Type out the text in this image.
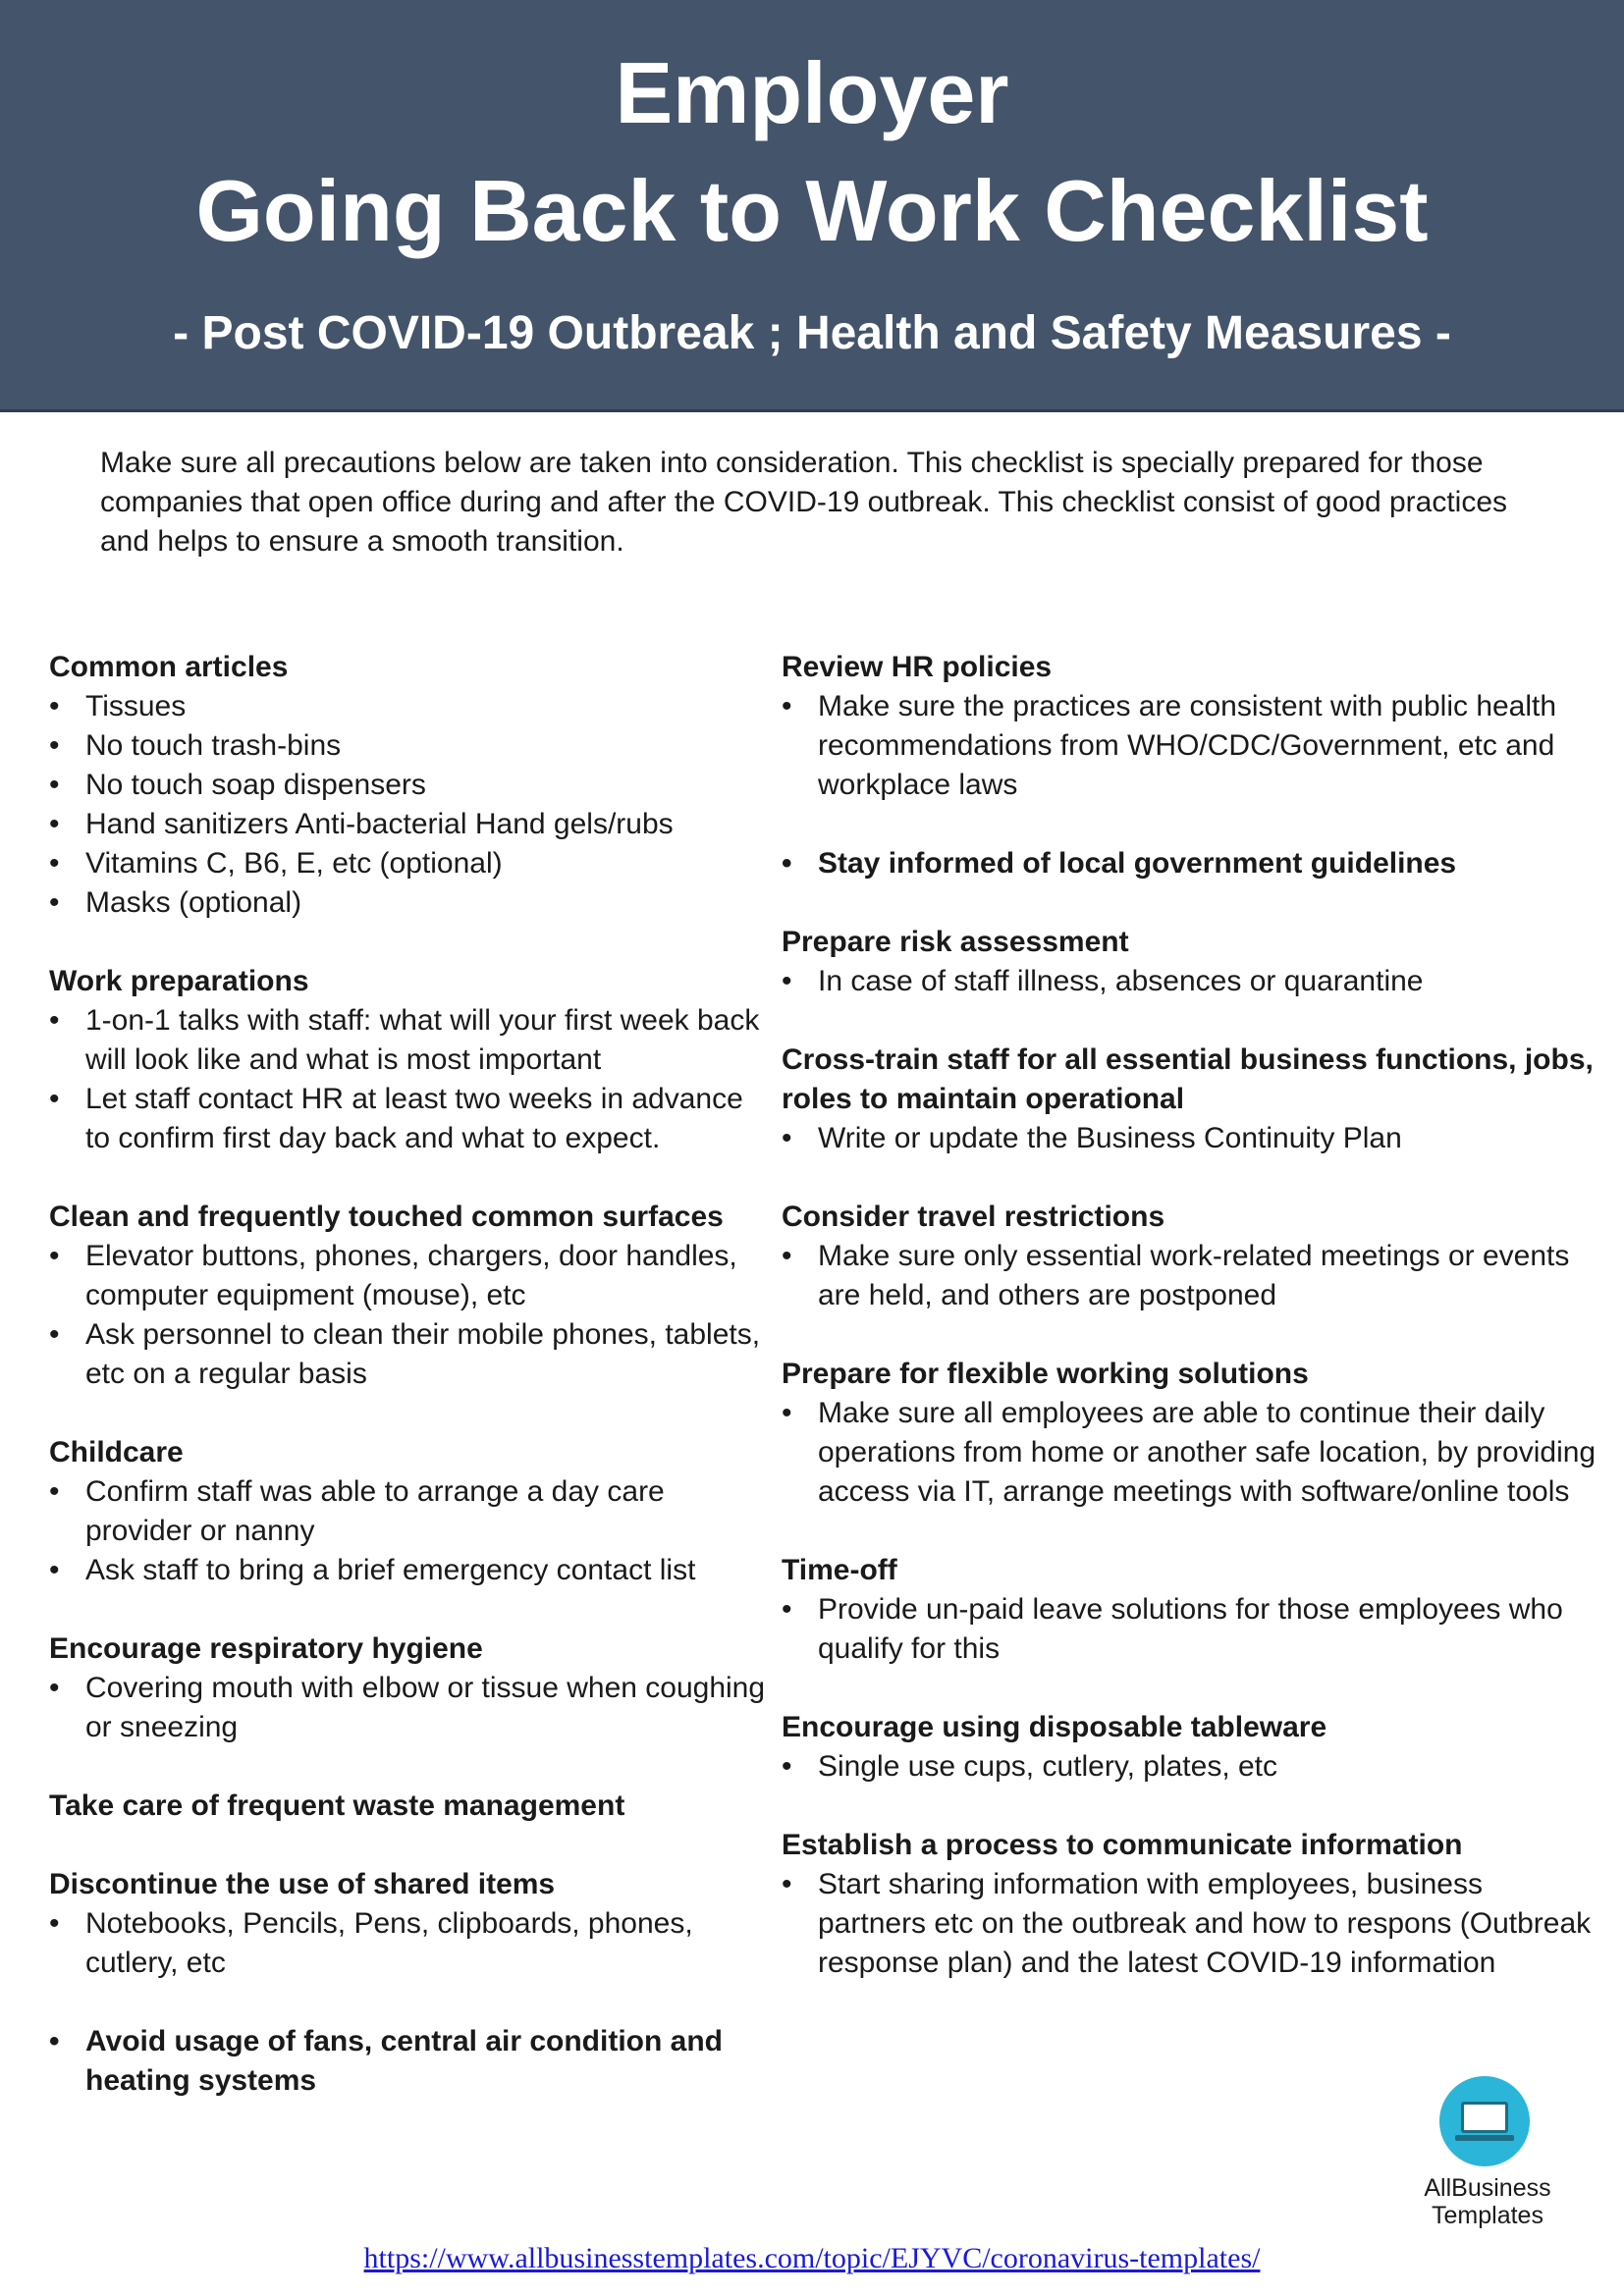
Employer
Going Back to Work Checklist
- Post COVID-19 Outbreak ; Health and Safety Measures -
Make sure all precautions below are taken into consideration. This checklist is specially prepared for those
companies that open office during and after the COVID-19 outbreak. This checklist consist of good practices
and helps to ensure a smooth transition.
Common articles
• Tissues
• No touch trash-bins
• No touch soap dispensers
• Hand sanitizers Anti-bacterial Hand gels/rubs
• Vitamins C, B6, E, etc (optional)
• Masks (optional)
Work preparations
• 1-on-1 talks with staff: what will your first week back will look like and what is most important
• Let staff contact HR at least two weeks in advance to confirm first day back and what to expect.
Clean and frequently touched common surfaces
• Elevator buttons, phones, chargers, door handles, computer equipment (mouse), etc
• Ask personnel to clean their mobile phones, tablets, etc on a regular basis
Childcare
• Confirm staff was able to arrange a day care provider or nanny
• Ask staff to bring a brief emergency contact list
Encourage respiratory hygiene
• Covering mouth with elbow or tissue when coughing or sneezing
Take care of frequent waste management
Discontinue the use of shared items
• Notebooks, Pencils, Pens, clipboards, phones, cutlery, etc
• Avoid usage of fans, central air condition and heating systems
Review HR policies
• Make sure the practices are consistent with public health recommendations from WHO/CDC/Government, etc and workplace laws
• Stay informed of local government guidelines
Prepare risk assessment
• In case of staff illness, absences or quarantine
Cross-train staff for all essential business functions, jobs, roles to maintain operational
• Write or update the Business Continuity Plan
Consider travel restrictions
• Make sure only essential work-related meetings or events are held, and others are postponed
Prepare for flexible working solutions
• Make sure all employees are able to continue their daily operations from home or another safe location, by providing access via IT, arrange meetings with software/online tools
Time-off
• Provide un-paid leave solutions for those employees who qualify for this
Encourage using disposable tableware
• Single use cups, cutlery, plates, etc
Establish a process to communicate information
• Start sharing information with employees, business partners etc on the outbreak and how to respons (Outbreak response plan) and the latest COVID-19 information
AllBusiness
Templates
https://www.allbusinesstemplates.com/topic/EJYVC/coronavirus-templates/
